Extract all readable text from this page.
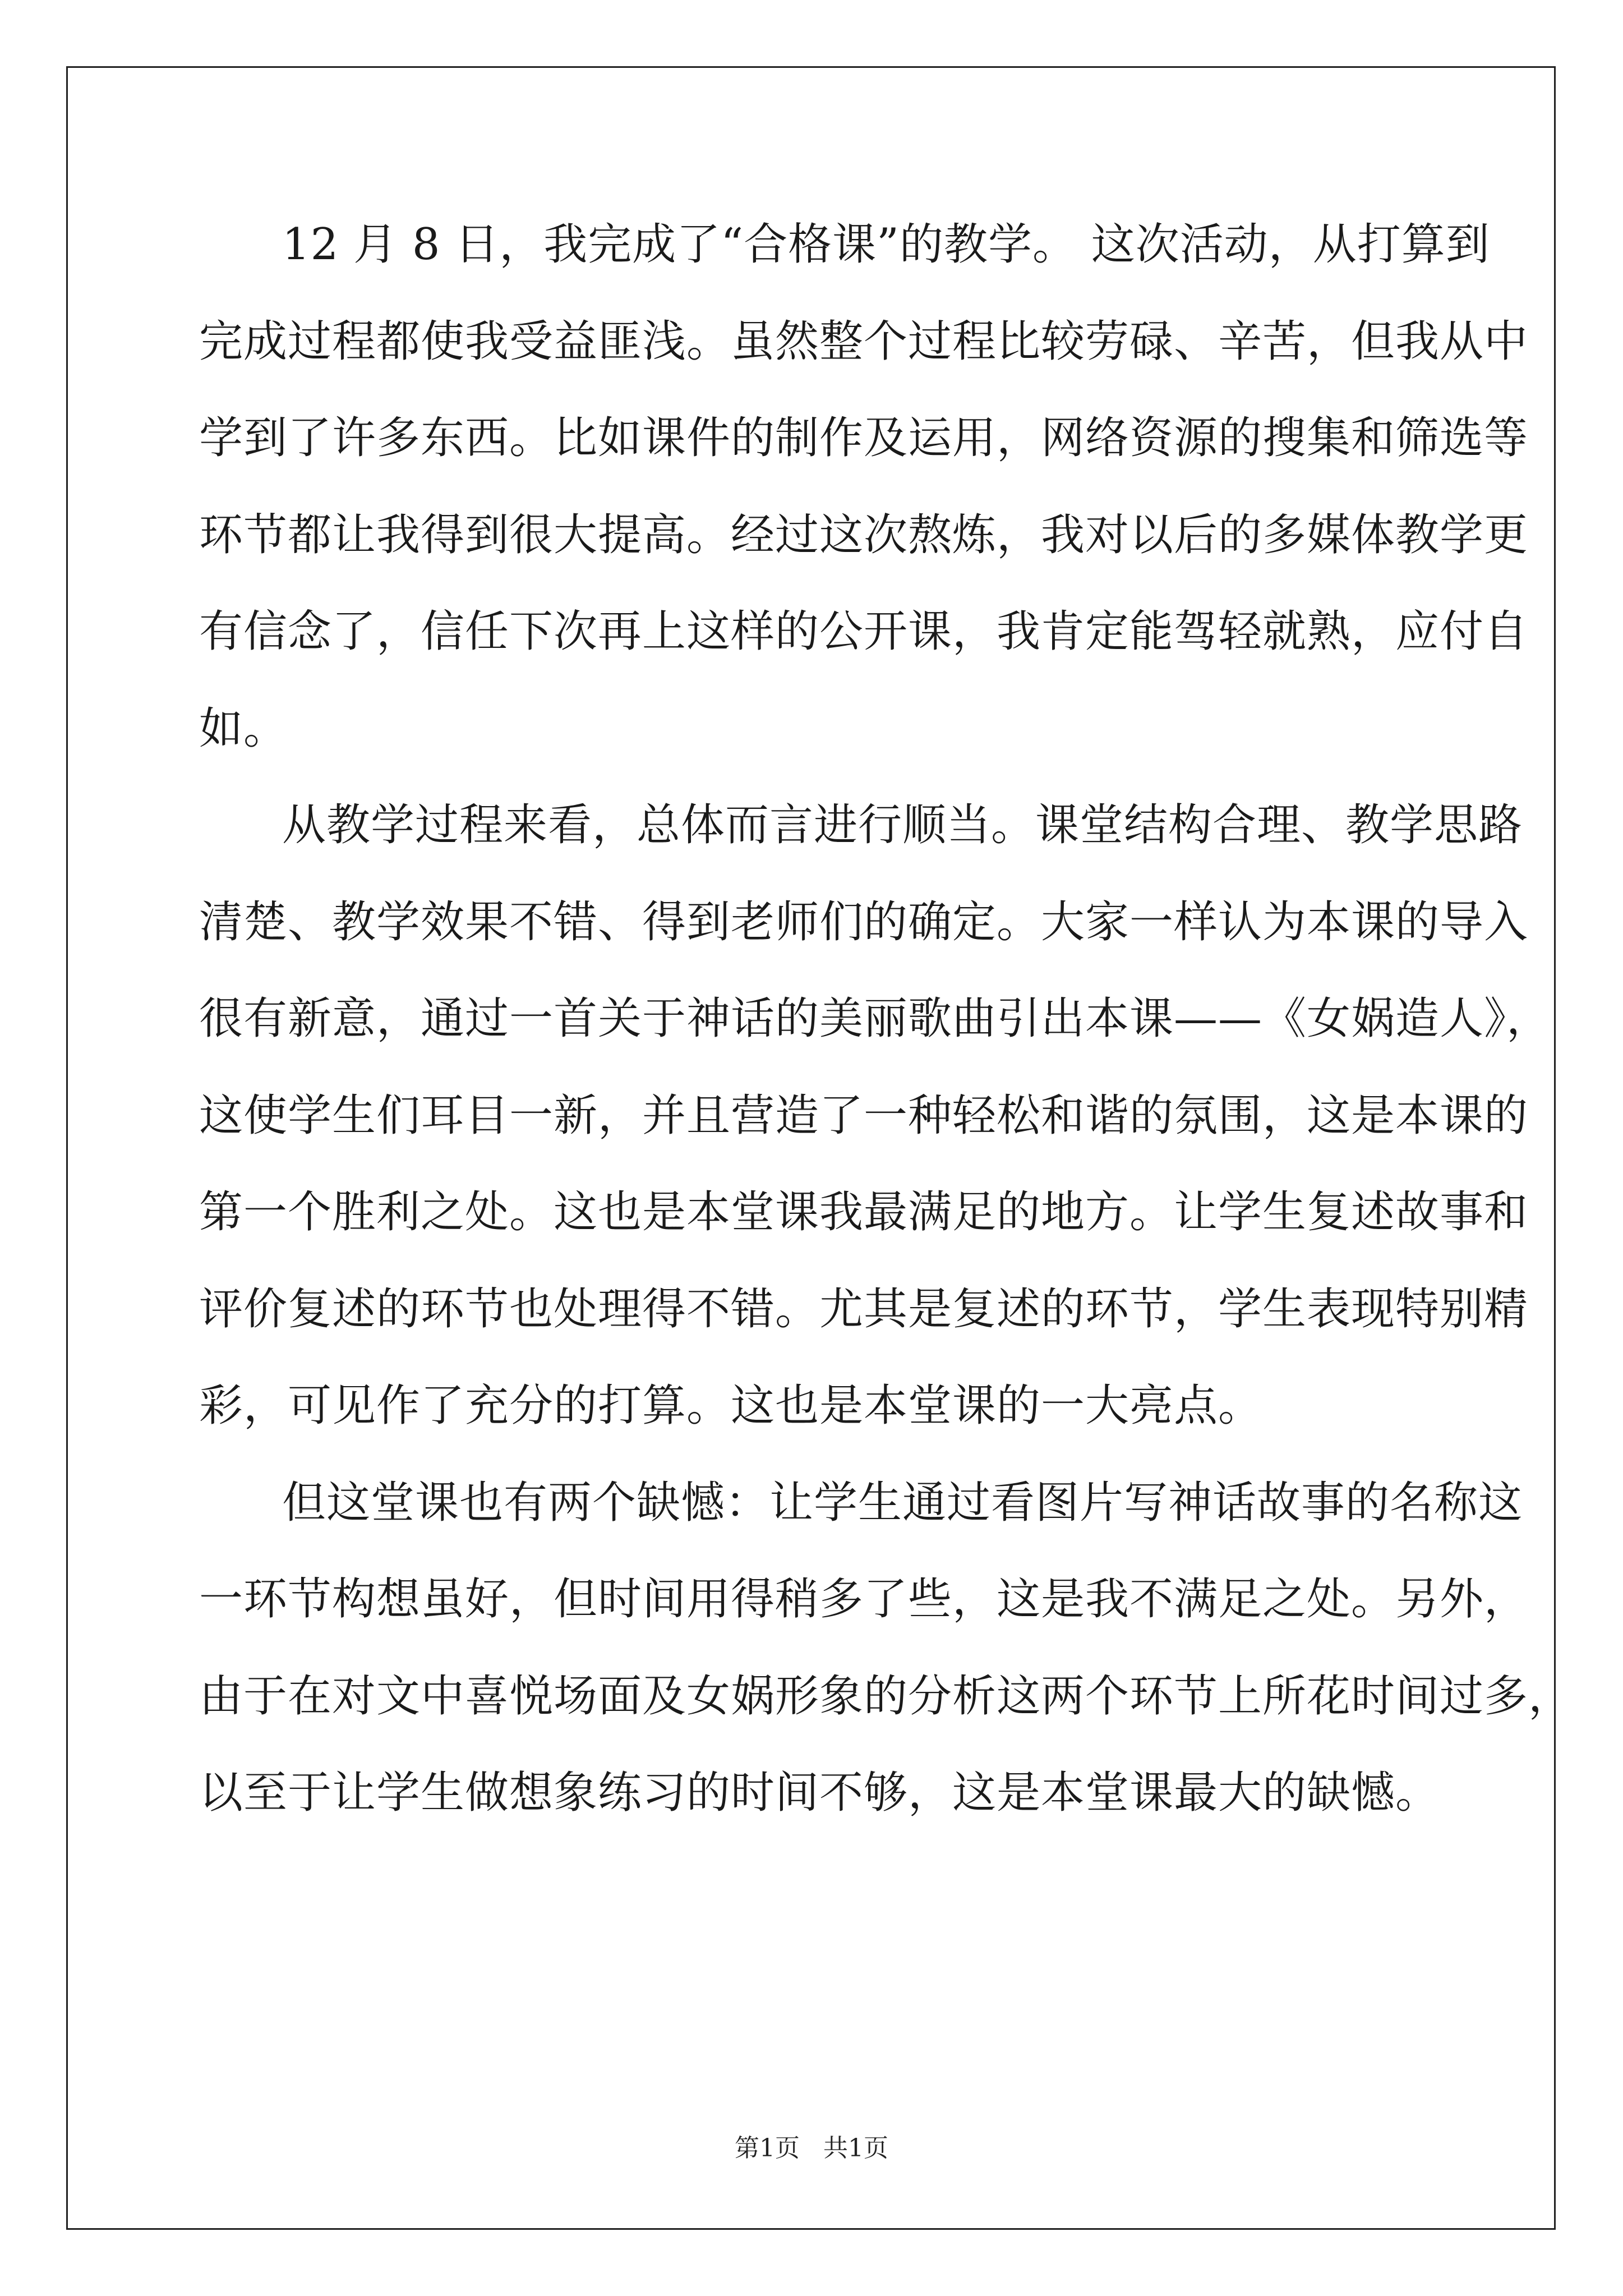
12 月 8 日，我完成了“合格课”的教学。 这次活动，从打算到
完成过程都使我受益匪浅。虽然整个过程比较劳碌、辛苦，但我从中
学到了许多东西。比如课件的制作及运用，网络资源的搜集和筛选等
环节都让我得到很大提高。经过这次熬炼，我对以后的多媒体教学更
有信念了，信任下次再上这样的公开课，我肯定能驾轻就熟，应付自
如。
从教学过程来看，总体而言进行顺当。课堂结构合理、教学思路
清楚、教学效果不错、得到老师们的确定。大家一样认为本课的导入
很有新意，通过一首关于神话的美丽歌曲引出本课——《女娲造人》，
这使学生们耳目一新，并且营造了一种轻松和谐的氛围，这是本课的
第一个胜利之处。这也是本堂课我最满足的地方。让学生复述故事和
评价复述的环节也处理得不错。尤其是复述的环节，学生表现特别精
彩，可见作了充分的打算。这也是本堂课的一大亮点。
但这堂课也有两个缺憾：让学生通过看图片写神话故事的名称这
一环节构想虽好，但时间用得稍多了些，这是我不满足之处。另外，
由于在对文中喜悦场面及女娲形象的分析这两个环节上所花时间过多，
以至于让学生做想象练习的时间不够，这是本堂课最大的缺憾。
第1页   共1页
